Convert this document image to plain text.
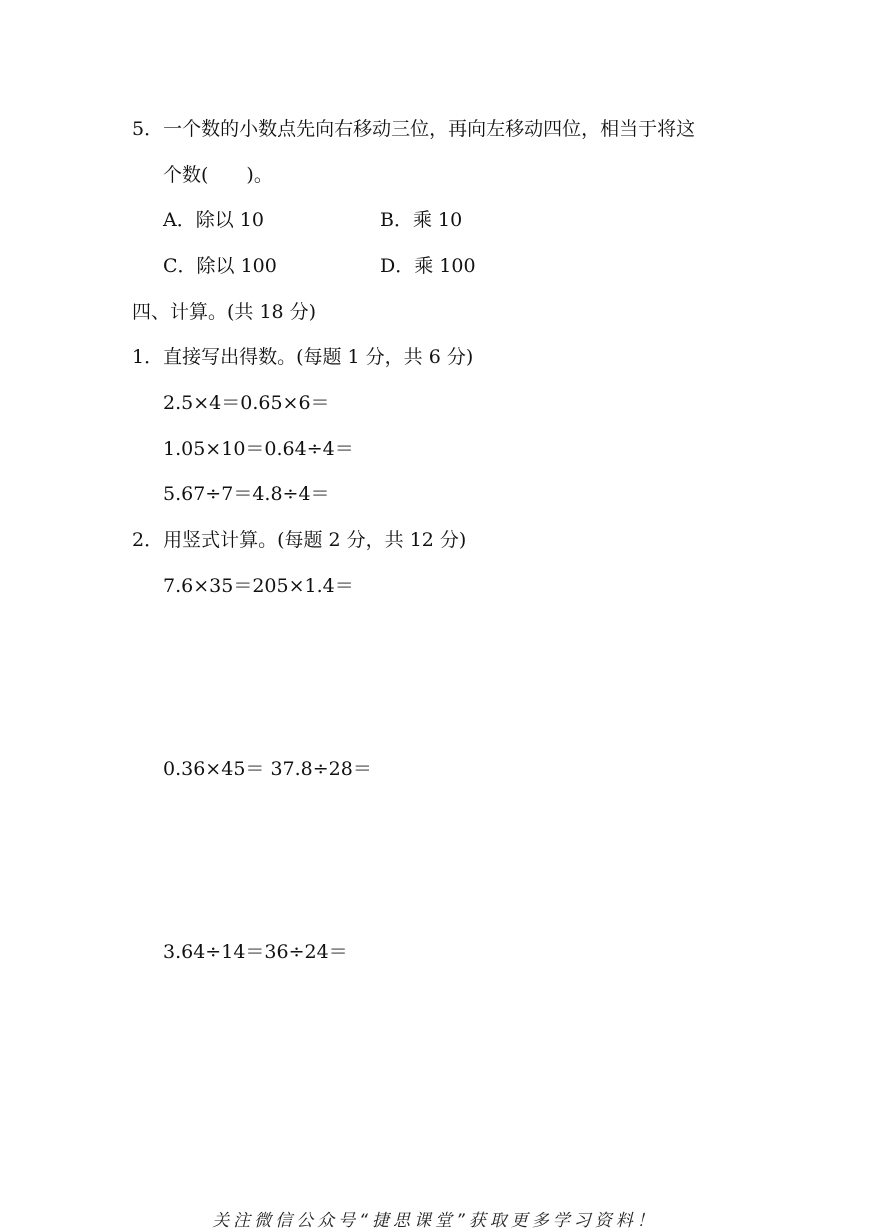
5．一个数的小数点先向右移动三位，再向左移动四位，相当于将这
个数(　　)。
A．除以 10	B．乘 10
C．除以 100	D．乘 100
四、计算。(共 18 分)
1．直接写出得数。(每题 1 分，共 6 分)
2.5×4＝0.65×6＝
1.05×10＝0.64÷4＝
5.67÷7＝4.8÷4＝
2．用竖式计算。(每题 2 分，共 12 分)
7.6×35＝205×1.4＝
0.36×45＝ 37.8÷28＝
3.64÷14＝36÷24＝
关注微信公众号“捷思课堂”获取更多学习资料！
